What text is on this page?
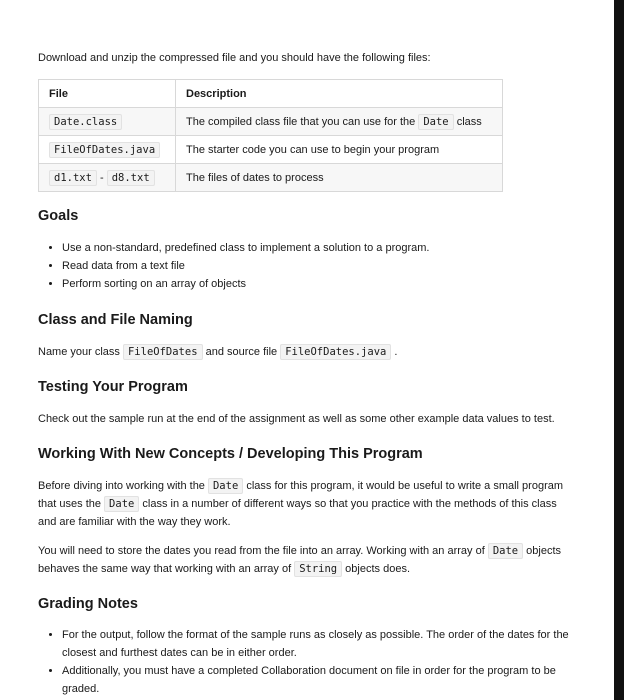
Download and unzip the compressed file and you should have the following files:

File	Description
Date.class	The compiled class file that you can use for the Date class
FileOfDates.java	The starter code you can use to begin your program
d1.txt - d8.txt	The files of dates to process
Goals
• Use a non-standard, predefined class to implement a solution to a program.
• Read data from a text file
• Perform sorting on an array of objects
Class and File Naming

Name your class FileOfDates and source file FileOfDates.java .

Testing Your Program

Check out the sample run at the end of the assignment as well as some other example data values to test.

Working With New Concepts / Developing This Program

Before diving into working with the Date class for this program, it would be useful to write a small program that uses the Date class in a number of different ways so that you practice with the methods of this class and are familiar with the way they work.

You will need to store the dates you read from the file into an array. Working with an array of Date objects behaves the same way that working with an array of String objects does.

Grading Notes
• For the output, follow the format of the sample runs as closely as possible. The order of the dates for the closest and furthest dates can be in either order.
• Additionally, you must have a completed Collaboration document on file in order for the program to be graded.
